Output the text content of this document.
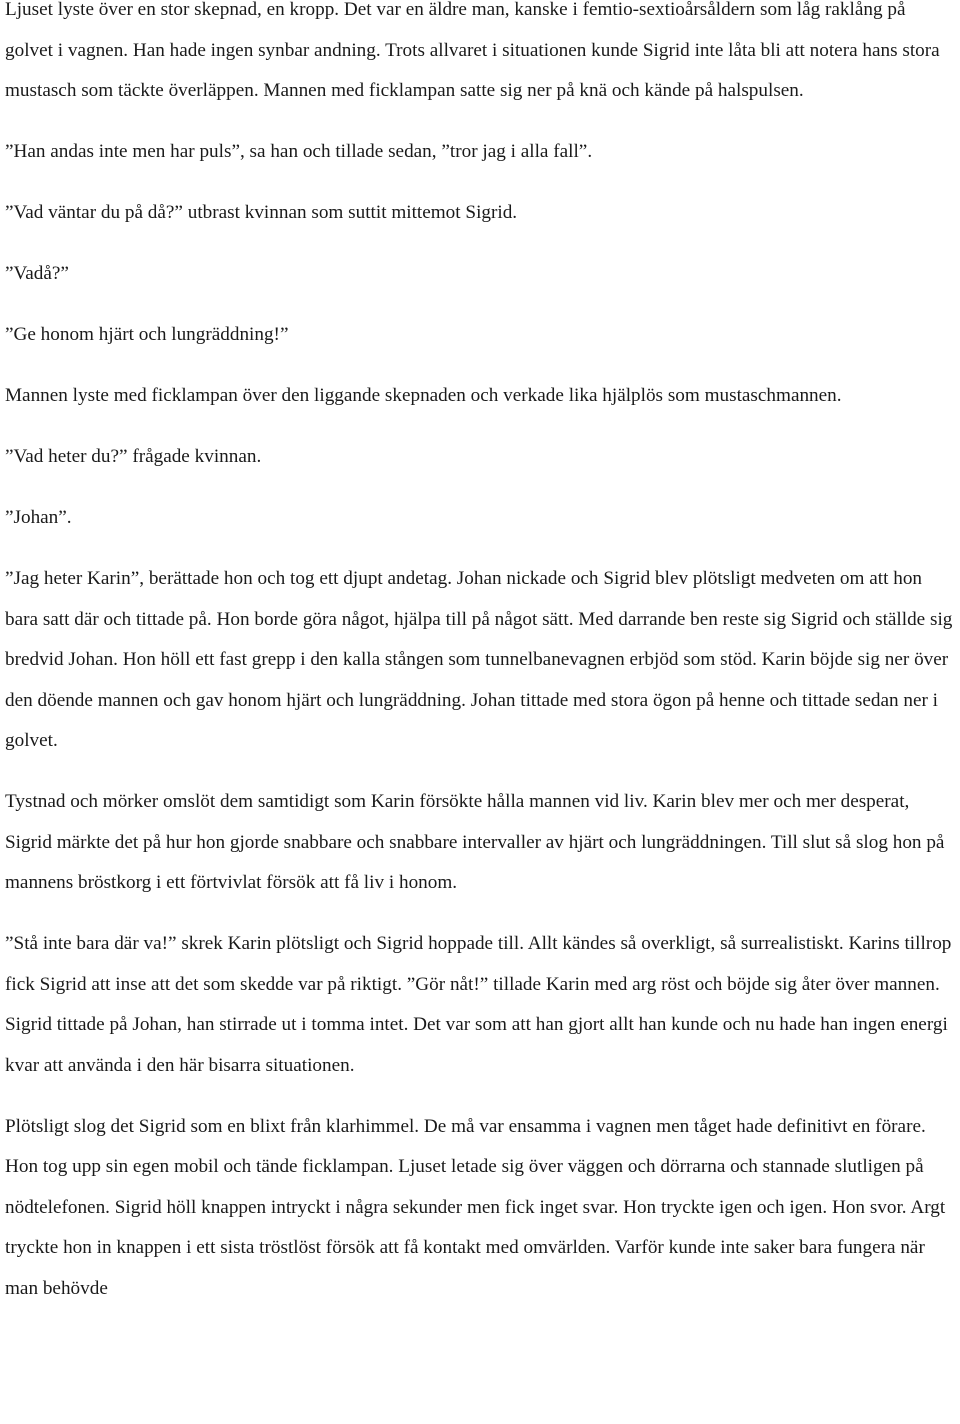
Ljuset lyste över en stor skepnad, en kropp. Det var en äldre man, kanske i femtio-sextioårsåldern som låg raklång på golvet i vagnen. Han hade ingen synbar andning. Trots allvaret i situationen kunde Sigrid inte låta bli att notera hans stora mustasch som täckte överläppen. Mannen med ficklampan satte sig ner på knä och kände på halspulsen.

”Han andas inte men har puls”, sa han och tillade sedan, ”tror jag i alla fall”.

”Vad väntar du på då?” utbrast kvinnan som suttit mittemot Sigrid.

”Vadå?”

”Ge honom hjärt och lungräddning!”

Mannen lyste med ficklampan över den liggande skepnaden och verkade lika hjälplös som mustaschmannen.

”Vad heter du?” frågade kvinnan.

”Johan”.

”Jag heter Karin”, berättade hon och tog ett djupt andetag. Johan nickade och Sigrid blev plötsligt medveten om att hon bara satt där och tittade på. Hon borde göra något, hjälpa till på något sätt. Med darrande ben reste sig Sigrid och ställde sig bredvid Johan. Hon höll ett fast grepp i den kalla stången som tunnelbanevagnen erbjöd som stöd. Karin böjde sig ner över den döende mannen och gav honom hjärt och lungräddning. Johan tittade med stora ögon på henne och tittade sedan ner i golvet.

Tystnad och mörker omslöt dem samtidigt som Karin försökte hålla mannen vid liv. Karin blev mer och mer desperat, Sigrid märkte det på hur hon gjorde snabbare och snabbare intervaller av hjärt och lungräddningen. Till slut så slog hon på mannens bröstkorg i ett förtvivlat försök att få liv i honom.

”Stå inte bara där va!” skrek Karin plötsligt och Sigrid hoppade till. Allt kändes så overkligt, så surrealistiskt. Karins tillrop fick Sigrid att inse att det som skedde var på riktigt. ”Gör nåt!” tillade Karin med arg röst och böjde sig åter över mannen. Sigrid tittade på Johan, han stirrade ut i tomma intet. Det var som att han gjort allt han kunde och nu hade han ingen energi kvar att använda i den här bisarra situationen.

Plötsligt slog det Sigrid som en blixt från klarhimmel. De må var ensamma i vagnen men tåget hade definitivt en förare. Hon tog upp sin egen mobil och tände ficklampan. Ljuset letade sig över väggen och dörrarna och stannade slutligen på nödtelefonen. Sigrid höll knappen intryckt i några sekunder men fick inget svar. Hon tryckte igen och igen. Hon svor. Argt tryckte hon in knappen i ett sista tröstlöst försök att få kontakt med omvärlden. Varför kunde inte saker bara fungera när man behövde
